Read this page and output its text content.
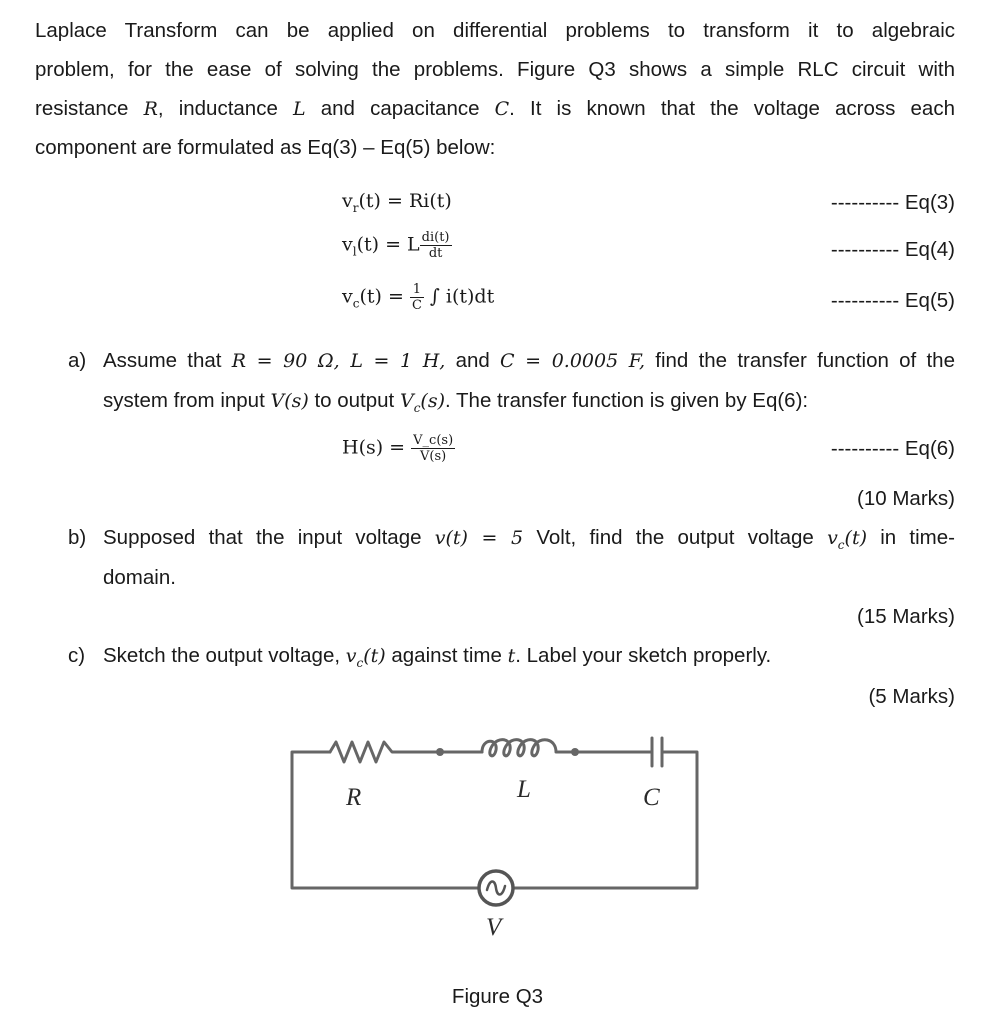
Laplace Transform can be applied on differential problems to transform it to algebraic
problem, for the ease of solving the problems. Figure Q3 shows a simple RLC circuit with
resistance R, inductance L and capacitance C. It is known that the voltage across each
component are formulated as Eq(3) – Eq(5) below:
$v_r(t) = Ri(t)$	---------- Eq(3)
$v_l(t) = L \frac{di(t)}{dt}$	---------- Eq(4)
$v_c(t) = \frac{1}{C}$ ∫ i(t)dt	---------- Eq(5)
a) Assume that R = 90 Ω, L = 1 H, and C = 0.0005 F, find the transfer function of the
system from input V(s) to output $V_c(s)$. The transfer function is given by Eq(6):
$H(s) = \frac{V\_c(s)}{V(s)}$	---------- Eq(6)
(10 Marks)
b) Supposed that the input voltage v(t) = 5 Volt, find the output voltage $v_c(t)$ in time-
domain.
(15 Marks)
c) Sketch the output voltage, $v_c(t)$ against time t. Label your sketch properly.
(5 Marks)
R	L	C
V
Figure Q3
